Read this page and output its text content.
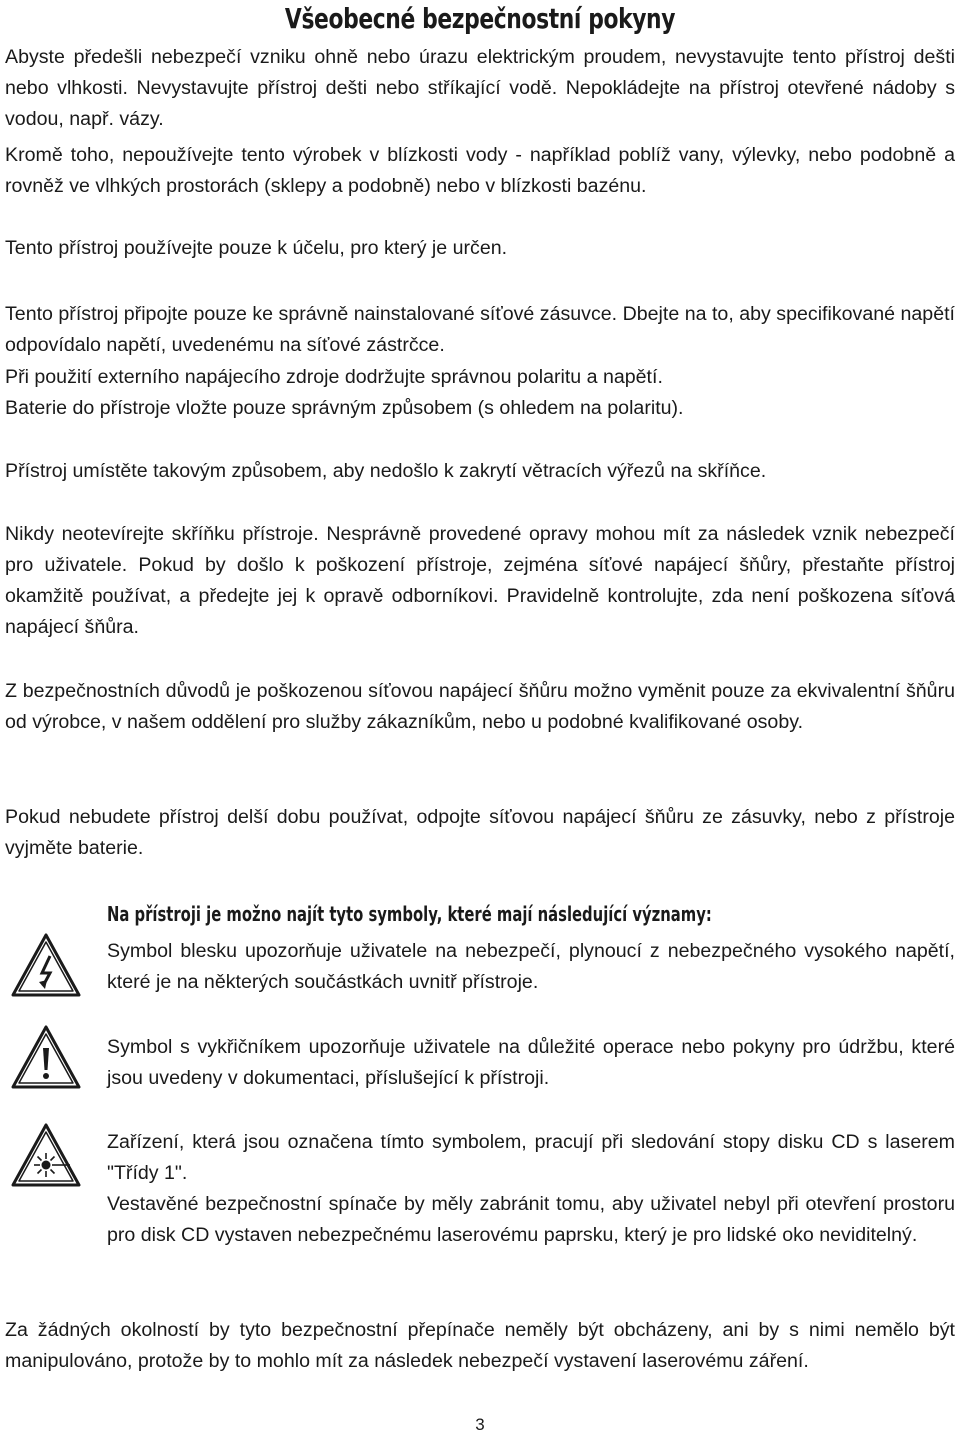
Všeobecné bezpečnostní pokyny

Abyste předešli nebezpečí vzniku ohně nebo úrazu elektrickým proudem, nevystavujte tento přístroj dešti nebo vlhkosti. Nevystavujte přístroj dešti nebo stříkající vodě. Nepokládejte na přístroj otevřené nádoby s vodou, např. vázy.

Kromě toho, nepoužívejte tento výrobek v blízkosti vody - například poblíž vany, výlevky, nebo podobně a rovněž ve vlhkých prostorách (sklepy a podobně) nebo v blízkosti bazénu.

Tento přístroj používejte pouze k účelu, pro který je určen.

Tento přístroj připojte pouze ke správně nainstalované síťové zásuvce. Dbejte na to, aby specifikované napětí odpovídalo napětí, uvedenému na síťové zástrčce.

Při použití externího napájecího zdroje dodržujte správnou polaritu a napětí.

Baterie do přístroje vložte pouze správným způsobem (s ohledem na polaritu).

Přístroj umístěte takovým způsobem, aby nedošlo k zakrytí větracích výřezů na skříňce.

Nikdy neotevírejte skříňku přístroje. Nesprávně provedené opravy mohou mít za následek vznik nebezpečí pro uživatele. Pokud by došlo k poškození přístroje, zejména síťové napájecí šňůry, přestaňte přístroj okamžitě používat, a předejte jej k opravě odborníkovi. Pravidelně kontrolujte, zda není poškozena síťová napájecí šňůra.

Z bezpečnostních důvodů je poškozenou síťovou napájecí šňůru možno vyměnit pouze za ekvivalentní šňůru od výrobce, v našem oddělení pro služby zákazníkům, nebo u podobné kvalifikované osoby.

Pokud nebudete přístroj delší dobu používat, odpojte síťovou napájecí šňůru ze zásuvky, nebo z přístroje vyjměte baterie.

Na přístroji je možno najít tyto symboly, které mají následující významy:

Symbol blesku upozorňuje uživatele na nebezpečí, plynoucí z nebezpečného vysokého napětí, které je na některých součástkách uvnitř přístroje.

Symbol s vykřičníkem upozorňuje uživatele na důležité operace nebo pokyny pro údržbu, které jsou uvedeny v dokumentaci, příslušející k přístroji.

Zařízení, která jsou označena tímto symbolem, pracují při sledování stopy disku CD s laserem "Třídy 1".

Vestavěné bezpečnostní spínače by měly zabránit tomu, aby uživatel nebyl při otevření prostoru pro disk CD vystaven nebezpečnému laserovému paprsku, který je pro lidské oko neviditelný.

Za žádných okolností by tyto bezpečnostní přepínače neměly být obcházeny, ani by s nimi nemělo být manipulováno, protože by to mohlo mít za následek nebezpečí vystavení laserovému záření.

3
